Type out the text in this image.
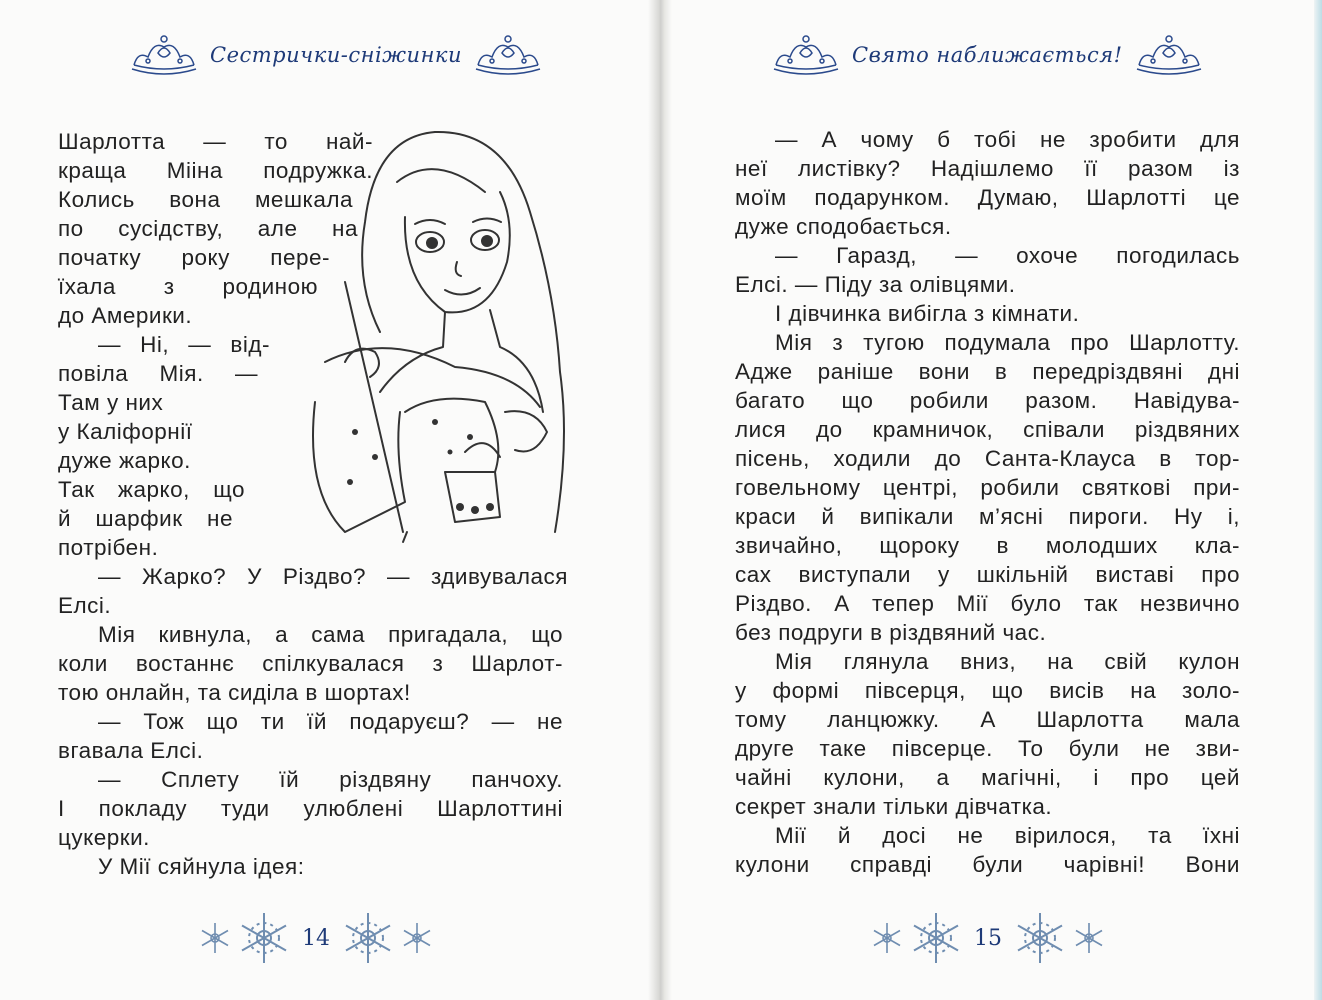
Сестрички-сніжинки
Шарлотта — то най-
краща Мііна подружка.
Колись вона мешкала
по сусідству, але на
початку року пере-
їхала з родиною
до Америки.
— Ні, — від-
повіла Мія. —
Там у них
у Каліфорнії
дуже жарко.
Так жарко, що
й шарфик не
потрібен.
— Жарко? У Різдво? — здивувалася
Елсі.
Мія кивнула, а сама пригадала, що
коли востаннє спілкувалася з Шарлот-
тою онлайн, та сиділа в шортах!
— Тож що ти їй подаруєш? — не
вгавала Елсі.
— Сплету їй різдвяну панчоху.
І покладу туди улюблені Шарлоттині
цукерки.
У Мії сяйнула ідея:
14
Свято наближається!
— А чому б тобі не зробити для
неї листівку? Надішлемо її разом із
моїм подарунком. Думаю, Шарлотті це
дуже сподобається.
— Гаразд, — охоче погодилась
Елсі. — Піду за олівцями.
І дівчинка вибігла з кімнати.
Мія з тугою подумала про Шарлотту.
Адже раніше вони в передріздвяні дні
багато що робили разом. Навідува-
лися до крамничок, співали різдвяних
пісень, ходили до Санта-Клауса в тор-
говельному центрі, робили святкові при-
краси й випікали м’ясні пироги. Ну і,
звичайно, щороку в молодших кла-
сах виступали у шкільній виставі про
Різдво. А тепер Мії було так незвично
без подруги в різдвяний час.
Мія глянула вниз, на свій кулон
у формі півсерця, що висів на золо-
тому ланцюжку. А Шарлотта мала
друге таке півсерце. То були не зви-
чайні кулони, а магічні, і про цей
секрет знали тільки дівчатка.
Мії й досі не вірилося, та їхні
кулони справді були чарівні! Вони
15
